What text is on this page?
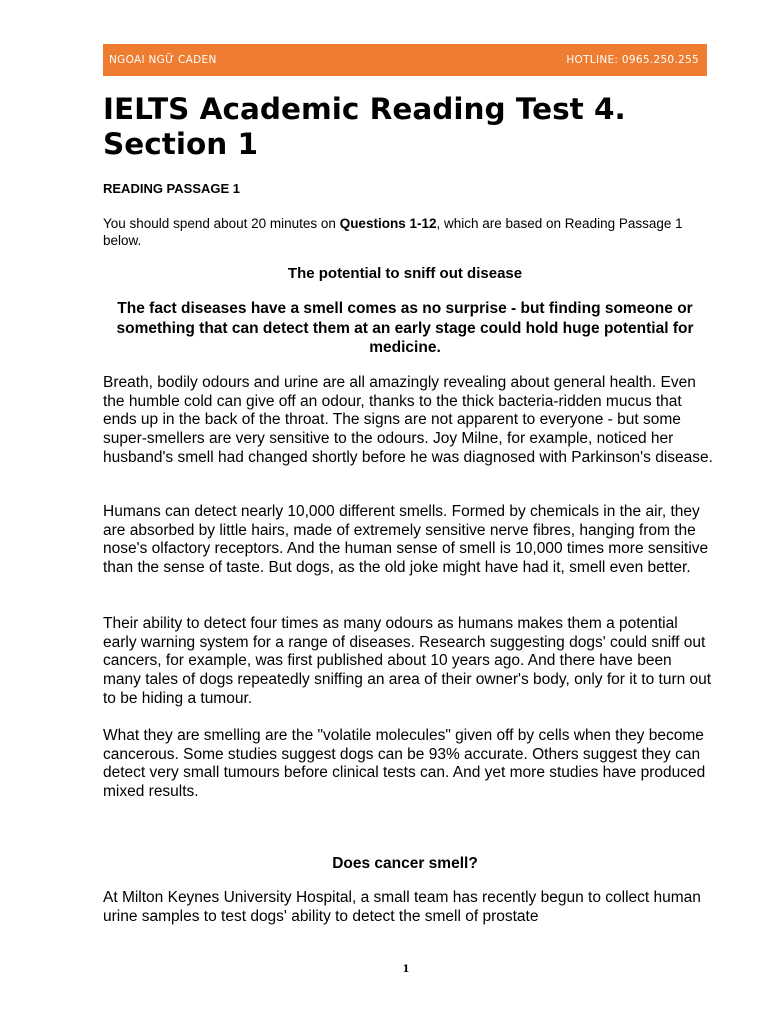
NGOAI NGỮ CADEN	HOTLINE: 0965.250.255
IELTS Academic Reading Test 4. Section 1

READING PASSAGE 1

You should spend about 20 minutes on Questions 1-12, which are based on Reading Passage 1 below.

The potential to sniff out disease

The fact diseases have a smell comes as no surprise - but finding someone or something that can detect them at an early stage could hold huge potential for medicine.

Breath, bodily odours and urine are all amazingly revealing about general health. Even the humble cold can give off an odour, thanks to the thick bacteria-ridden mucus that ends up in the back of the throat. The signs are not apparent to everyone - but some super-smellers are very sensitive to the odours. Joy Milne, for example, noticed her husband's smell had changed shortly before he was diagnosed with Parkinson's disease.

Humans can detect nearly 10,000 different smells. Formed by chemicals in the air, they are absorbed by little hairs, made of extremely sensitive nerve fibres, hanging from the nose's olfactory receptors. And the human sense of smell is 10,000 times more sensitive than the sense of taste. But dogs, as the old joke might have had it, smell even better.

Their ability to detect four times as many odours as humans makes them a potential early warning system for a range of diseases. Research suggesting dogs' could sniff out cancers, for example, was first published about 10 years ago. And there have been many tales of dogs repeatedly sniffing an area of their owner's body, only for it to turn out to be hiding a tumour.

What they are smelling are the "volatile molecules" given off by cells when they become cancerous. Some studies suggest dogs can be 93% accurate. Others suggest they can detect very small tumours before clinical tests can. And yet more studies have produced mixed results.

Does cancer smell?

At Milton Keynes University Hospital, a small team has recently begun to collect human urine samples to test dogs' ability to detect the smell of prostate

1
